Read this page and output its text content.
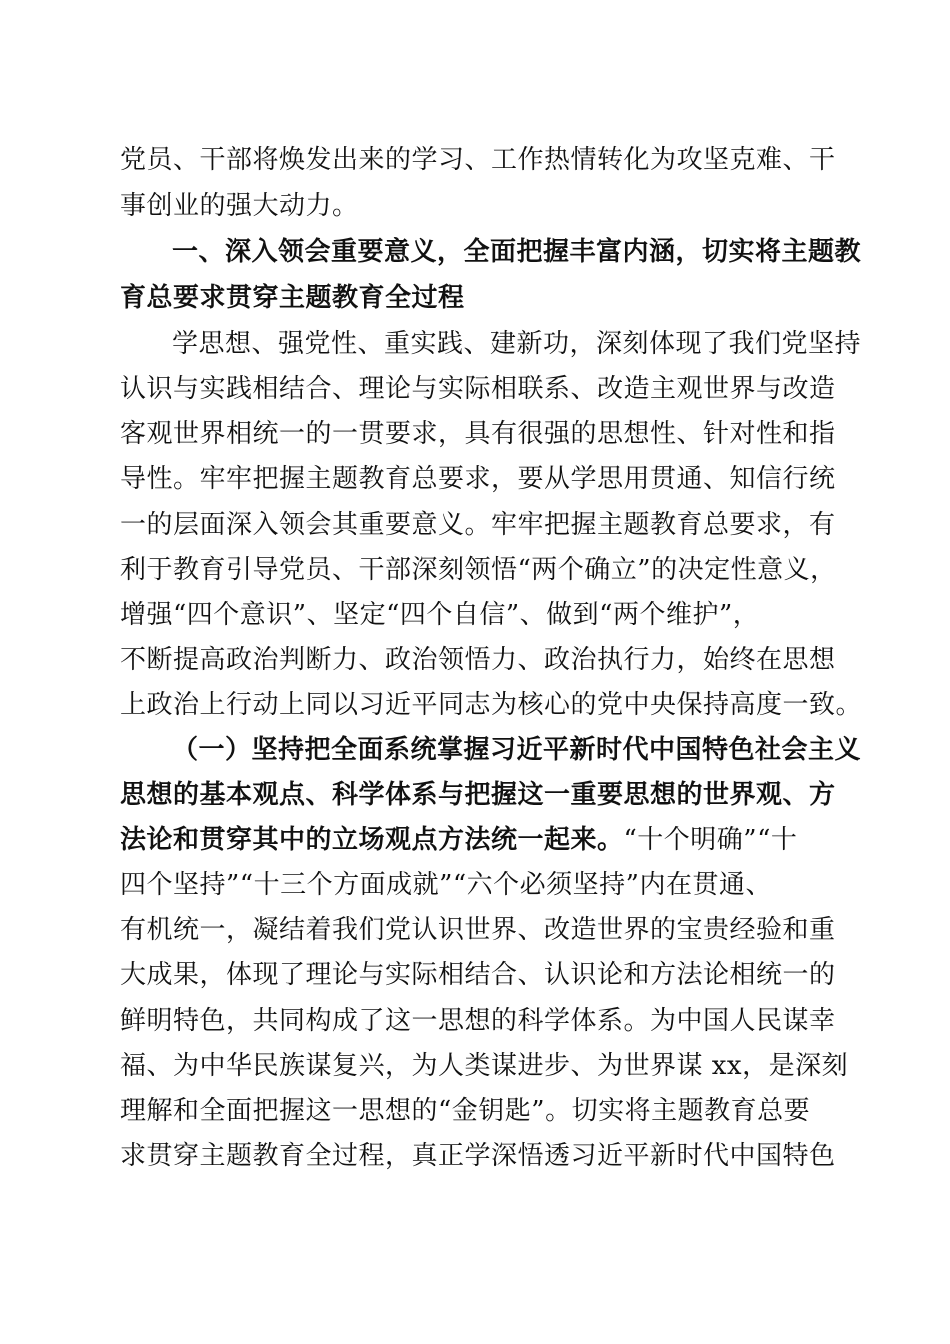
党员、干部将焕发出来的学习、工作热情转化为攻坚克难、干
事创业的强大动力。
一、深入领会重要意义，全面把握丰富内涵，切实将主题教
育总要求贯穿主题教育全过程
学思想、强党性、重实践、建新功，深刻体现了我们党坚持
认识与实践相结合、理论与实际相联系、改造主观世界与改造
客观世界相统一的一贯要求，具有很强的思想性、针对性和指
导性。牢牢把握主题教育总要求，要从学思用贯通、知信行统
一的层面深入领会其重要意义。牢牢把握主题教育总要求，有
利于教育引导党员、干部深刻领悟“两个确立”的决定性意义，
增强“四个意识”、坚定“四个自信”、做到“两个维护”，
不断提高政治判断力、政治领悟力、政治执行力，始终在思想
上政治上行动上同以习近平同志为核心的党中央保持高度一致。
（一）坚持把全面系统掌握习近平新时代中国特色社会主义
思想的基本观点、科学体系与把握这一重要思想的世界观、方
法论和贯穿其中的立场观点方法统一起来。“十个明确”“十
四个坚持”“十三个方面成就”“六个必须坚持”内在贯通、
有机统一，凝结着我们党认识世界、改造世界的宝贵经验和重
大成果，体现了理论与实际相结合、认识论和方法论相统一的
鲜明特色，共同构成了这一思想的科学体系。为中国人民谋幸
福、为中华民族谋复兴，为人类谋进步、为世界谋 xx，是深刻
理解和全面把握这一思想的“金钥匙”。切实将主题教育总要
求贯穿主题教育全过程，真正学深悟透习近平新时代中国特色
